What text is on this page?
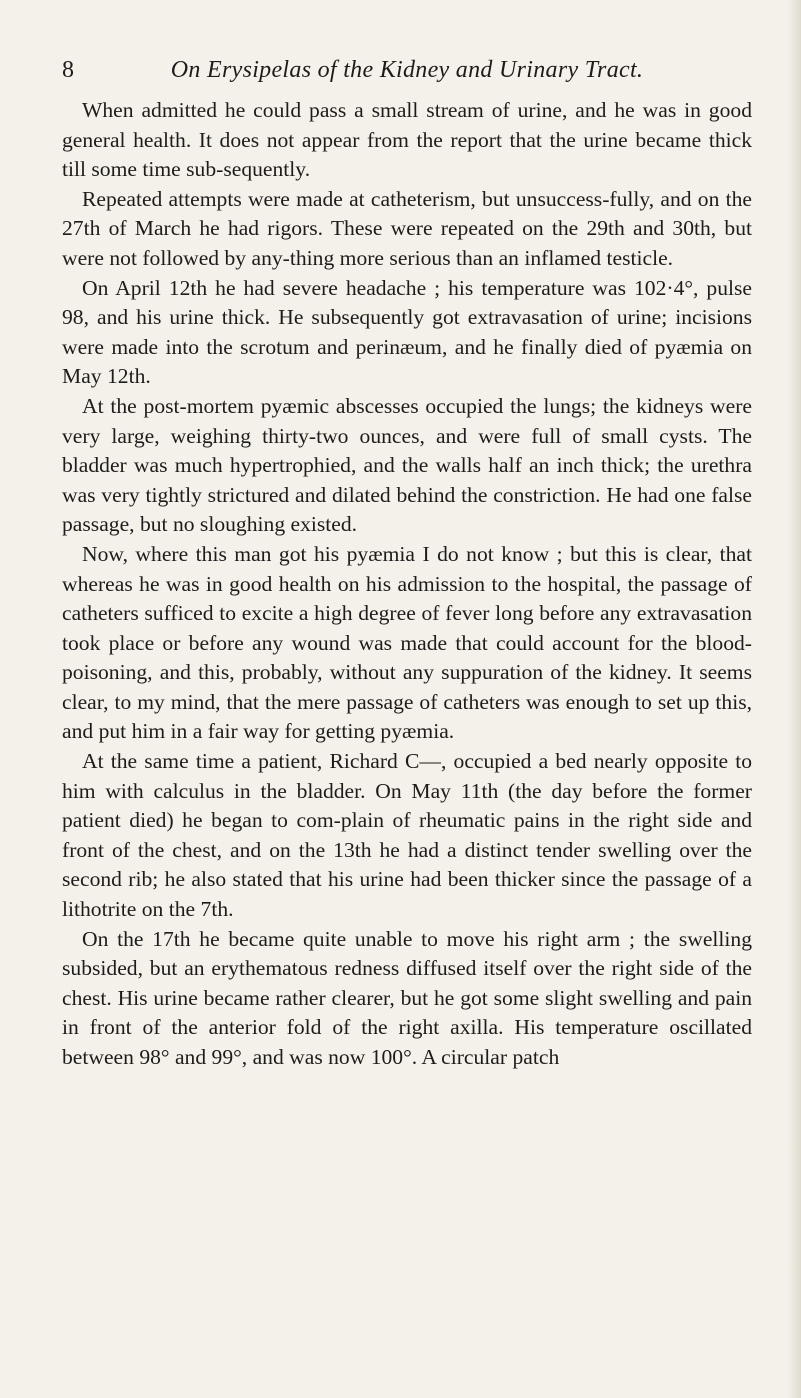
8	On Erysipelas of the Kidney and Urinary Tract.

When admitted he could pass a small stream of urine, and he was in good general health. It does not appear from the report that the urine became thick till some time sub-sequently.

Repeated attempts were made at catheterism, but unsuccess-fully, and on the 27th of March he had rigors. These were repeated on the 29th and 30th, but were not followed by any-thing more serious than an inflamed testicle.

On April 12th he had severe headache ; his temperature was 102·4°, pulse 98, and his urine thick. He subsequently got extravasation of urine; incisions were made into the scrotum and perinæum, and he finally died of pyæmia on May 12th.

At the post-mortem pyæmic abscesses occupied the lungs; the kidneys were very large, weighing thirty-two ounces, and were full of small cysts. The bladder was much hypertrophied, and the walls half an inch thick; the urethra was very tightly strictured and dilated behind the constriction. He had one false passage, but no sloughing existed.

Now, where this man got his pyæmia I do not know ; but this is clear, that whereas he was in good health on his admission to the hospital, the passage of catheters sufficed to excite a high degree of fever long before any extravasation took place or before any wound was made that could account for the blood-poisoning, and this, probably, without any suppuration of the kidney. It seems clear, to my mind, that the mere passage of catheters was enough to set up this, and put him in a fair way for getting pyæmia.

At the same time a patient, Richard C—, occupied a bed nearly opposite to him with calculus in the bladder. On May 11th (the day before the former patient died) he began to com-plain of rheumatic pains in the right side and front of the chest, and on the 13th he had a distinct tender swelling over the second rib; he also stated that his urine had been thicker since the passage of a lithotrite on the 7th.

On the 17th he became quite unable to move his right arm ; the swelling subsided, but an erythematous redness diffused itself over the right side of the chest. His urine became rather clearer, but he got some slight swelling and pain in front of the anterior fold of the right axilla. His temperature oscillated between 98° and 99°, and was now 100°. A circular patch
